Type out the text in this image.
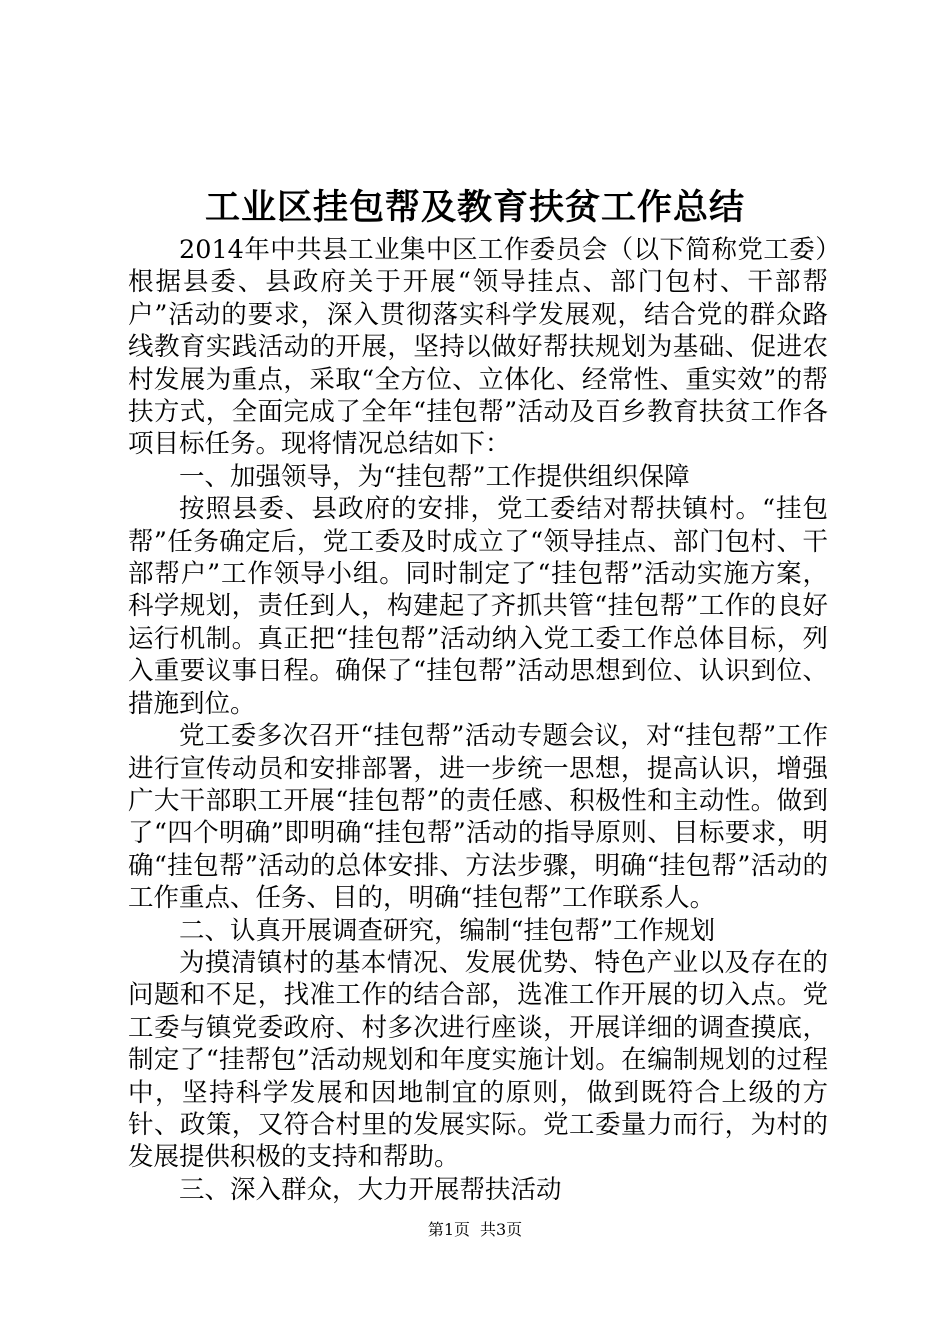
工业区挂包帮及教育扶贫工作总结

2014年中共县工业集中区工作委员会（以下简称党工委）根据县委、县政府关于开展“领导挂点、部门包村、干部帮户”活动的要求，深入贯彻落实科学发展观，结合党的群众路线教育实践活动的开展，坚持以做好帮扶规划为基础、促进农村发展为重点，采取“全方位、立体化、经常性、重实效”的帮扶方式，全面完成了全年“挂包帮”活动及百乡教育扶贫工作各项目标任务。现将情况总结如下：

一、加强领导，为“挂包帮”工作提供组织保障

按照县委、县政府的安排，党工委结对帮扶镇村。“挂包帮”任务确定后，党工委及时成立了“领导挂点、部门包村、干部帮户”工作领导小组。同时制定了“挂包帮”活动实施方案，科学规划，责任到人，构建起了齐抓共管“挂包帮”工作的良好运行机制。真正把“挂包帮”活动纳入党工委工作总体目标，列入重要议事日程。确保了“挂包帮”活动思想到位、认识到位、措施到位。

党工委多次召开“挂包帮”活动专题会议，对“挂包帮”工作进行宣传动员和安排部署，进一步统一思想，提高认识，增强广大干部职工开展“挂包帮”的责任感、积极性和主动性。做到了“四个明确”即明确“挂包帮”活动的指导原则、目标要求，明确“挂包帮”活动的总体安排、方法步骤，明确“挂包帮”活动的工作重点、任务、目的，明确“挂包帮”工作联系人。

二、认真开展调查研究，编制“挂包帮”工作规划

为摸清镇村的基本情况、发展优势、特色产业以及存在的问题和不足，找准工作的结合部，选准工作开展的切入点。党工委与镇党委政府、村多次进行座谈，开展详细的调查摸底，制定了“挂帮包”活动规划和年度实施计划。在编制规划的过程中，坚持科学发展和因地制宜的原则，做到既符合上级的方针、政策，又符合村里的发展实际。党工委量力而行，为村的发展提供积极的支持和帮助。

三、深入群众，大力开展帮扶活动

第1页 共3页
